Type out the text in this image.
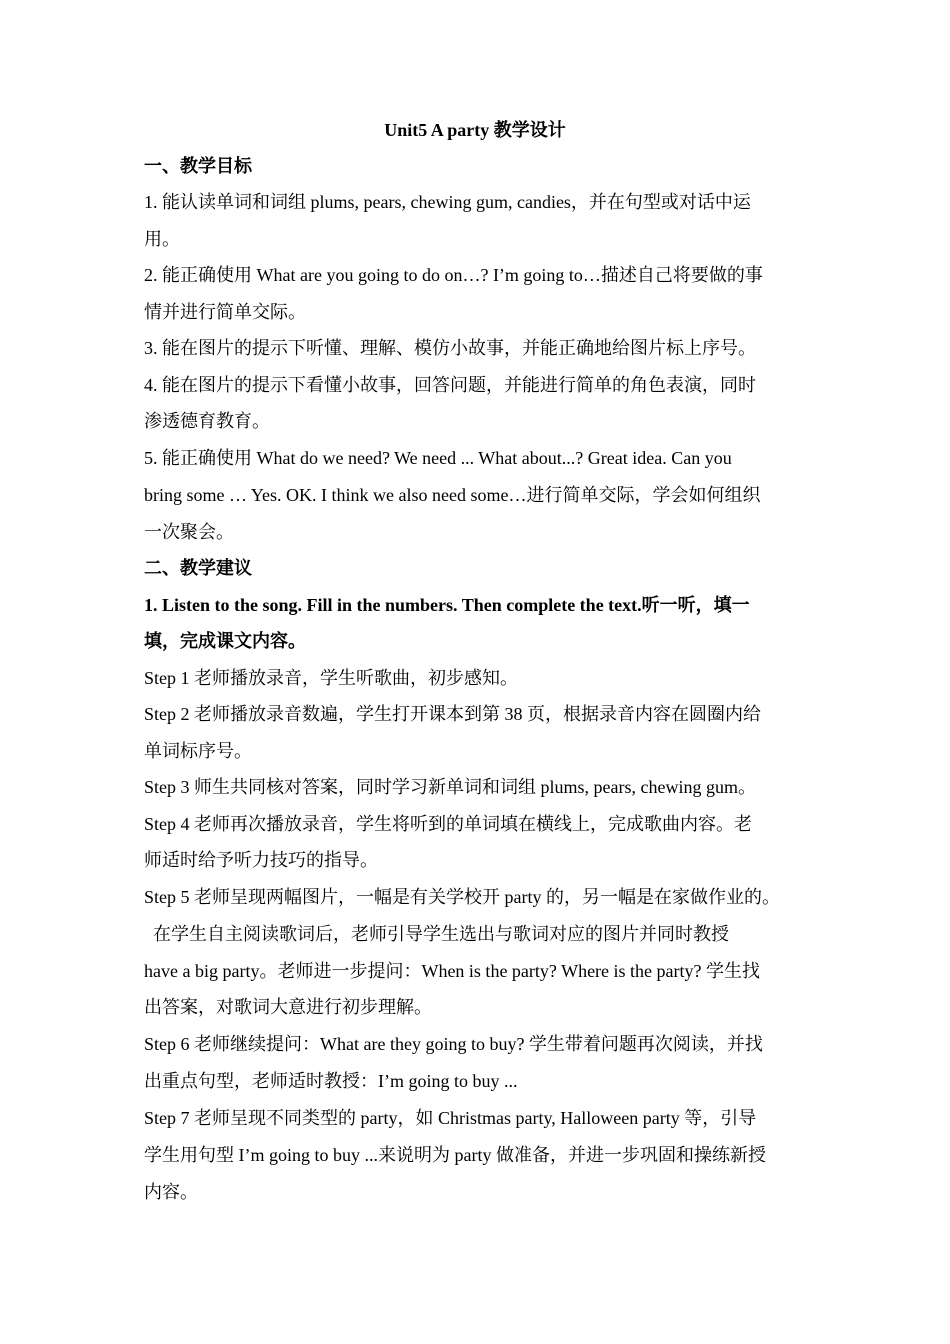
Unit5 A party 教学设计

一、教学目标

1. 能认读单词和词组 plums, pears, chewing gum, candies，并在句型或对话中运

用。

2. 能正确使用 What are you going to do on…? I’m going to…描述自己将要做的事

情并进行简单交际。

3. 能在图片的提示下听懂、理解、模仿小故事，并能正确地给图片标上序号。

4. 能在图片的提示下看懂小故事，回答问题，并能进行简单的角色表演，同时

渗透德育教育。

5. 能正确使用 What do we need? We need ... What about...? Great idea. Can you

bring some … Yes. OK. I think we also need some…进行简单交际，学会如何组织

一次聚会。

二、教学建议

1. Listen to the song. Fill in the numbers. Then complete the text.听一听，填一

填，完成课文内容。

Step 1 老师播放录音，学生听歌曲，初步感知。

Step 2 老师播放录音数遍，学生打开课本到第 38 页，根据录音内容在圆圈内给

单词标序号。

Step 3 师生共同核对答案，同时学习新单词和词组 plums, pears, chewing gum。

Step 4 老师再次播放录音，学生将听到的单词填在横线上，完成歌曲内容。老

师适时给予听力技巧的指导。

Step 5 老师呈现两幅图片，一幅是有关学校开 party 的，另一幅是在家做作业的。

在学生自主阅读歌词后，老师引导学生选出与歌词对应的图片并同时教授

have a big party。老师进一步提问：When is the party? Where is the party? 学生找

出答案，对歌词大意进行初步理解。

Step 6 老师继续提问：What are they going to buy? 学生带着问题再次阅读，并找

出重点句型，老师适时教授：I’m going to buy ...

Step 7 老师呈现不同类型的 party，如 Christmas party, Halloween party 等，引导

学生用句型 I’m going to buy ...来说明为 party 做准备，并进一步巩固和操练新授

内容。
